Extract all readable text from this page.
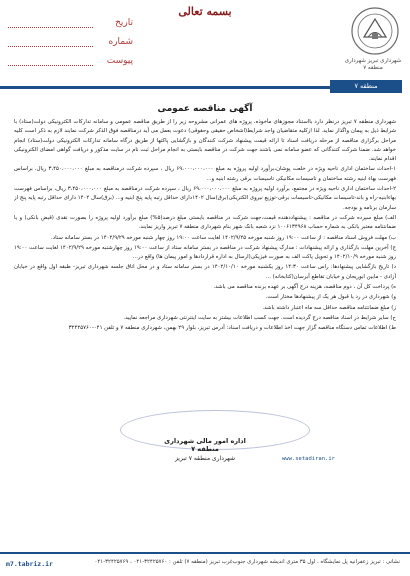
بسمه تعالی
تاریخ
شماره
پیوست	شهرداری تبریز شهرداری منطقه ۷
منطقه ۷
آگهی مناقصه عمومی

شهرداری منطقه ۷ تبریز درنظر دارد بااستناد مجوزهای مأخوذه، پروژه های عمرانی مشروحه زیر را از طریق مناقصه عمومی و سامانه تدارکات الکترونیکی دولت(ستاد) با شرایط ذیل به پیمان واگذار نماید. لذا ازکلیه متقاضیان واجد شرایط(اشخاص حقیقی وحقوقی) دعوت بعمل می آید درمناقصه فوق الذکر شرکت نمایند لازم به ذکر است کلیه مراحل برگزاری مناقصه از مرحله دریافت اسناد تا ارائه قیمت پیشنهاد شرکت کنندگان و بازگشایی پاکتها از طریق درگاه سامانه تدارکات الکترونیکی دولت(ستاد) انجام خواهد شد. ضمنا شرکت کنندگانی که عضو سامانه نمی باشند جهت شرکت در مناقصه بایستی به انجام مراحل ثبت نام در سایت مذکور و دریافت گواهی امضای الکترونیکی اقدام نمایند.

۱-احداث ساختمان اداری ناحیه ویژه در خلعت پوشان،برآورد اولیه پروژه به مبلغ ۶۹،۰۰۰،۰۰۰،۰۰۰ ریال ، سپرده شرکت درمناقصه به مبلغ ۳،۴۵۰،۰۰۰،۰۰۰ ریال، براساس فهرست بهاء ابنیه رشته ساختمان و تاسیسات مکانیکی تاسیسات برقی رشته ابنیه و...

۲-احداث ساختمان اداری ناحیه ویژه در مجتمع، برآورد اولیه پروژه به مبلغ ۶۹،۰۰۰،۰۰۰،۰۰۰ ریال ، سپرده شرکت درمناقصه به مبلغ ۳،۴۵۰،۰۰۰،۰۰۰ ریال، براساس فهرست بهاءابنیه-راه و باند-تاسیسات مکانیکی-تاسیسات برقی-توزیع نیروی الکتریکی(برق)سال ۱۴۰۲دارای حداقل رتبه پایه پنج ابنیه و... (برق)سال ۱۴۰۲ دارای حداقل رتبه پایه پنج از سازمان برنامه و بودجه.

الف) مبلغ سپرده شرکت در مناقصه : پیشنهاددهنده قیمت،جهت شرکت در مناقصه بایستی مبلغ درصد(۵%) مبلغ برآورد اولیه پروژه را بصورت نقدی (قبض بانکی) و یا ضمانتنامه معتبر بانکی به شماره حساب ۱۰۰۶۱۳۴۹۶۸ نزد شعبه بانک شهر بنام شهرداری منطقه ۷ تبریز واریز نمایند.

ب) مهلت فروش اسناد مناقصه : از ساعت ۱۹:۰۰ روز شنبه مورخه ۱۴۰۲/۹/۲۵ لغایت ساعت ۱۹:۰۰ روز چهار شنبه مورخه ۱۴۰۲/۹/۲۹ در بستر سامانه ستاد.

ج) آخرین مهلت بارگذاری و ارائه پیشنهادات : مدارک پیشنهاد شرکت در مناقصه در بستر سامانه ستاد از ساعت ۱۹:۰۰ روز چهارشنبه مورخه ۱۴۰۲/۹/۲۹ لغایت ساعت ۱۹:۰۰ روز شنبه مورخه ۱۴۰۲/۱۰/۹ و تحویل پاکت الف به صورت فیزیکی(ارسال به اداره قراردادها و امور پیمان ها) واقع در...

د) تاریخ بازگشایی پیشنهادها: راس ساعت ۱۴:۳۰ روز یکشنبه مورخه ۱۴۰۲/۱۰/۱۰ در بستر سامانه ستاد و در محل اتاق جلسه شهرداری تبریز- طبقه اول واقع در خیابان آزادی - مابین ابوریحان و خیابان تقاطع آبرسان(کتابخانه) ...

ه) پرداخت کل آن ، دوم مناقصه، هزینه درج آگهی بر عهده برنده مناقصه می باشد.

و) شهرداری در رد یا قبول هر یک از پیشنهادها مختار است.

ز) مبلغ ضمانتنامه مناقصه حداقل سه ماه اعتبار داشته باشد.

ح) سایر شرایط در اسناد مناقصه درج گردیده است. جهت کسب اطلاعات بیشتر به سایت اینترنتی شهرداری مراجعه نمایید.

ط) اطلاعات تماس دستگاه مناقصه گزار جهت اخذ اطلاعات و دریافت اسناد: آدرس تبریز، بلوار ۲۹ بهمن، شهرداری منطقه ۷ و تلفن ۰۴۱-۳۲۴۲۵۷۶۰

www.setadiran.ir
اداره امور مالی شهرداری منطقه ۷
شهرداری منطقه ۷ تبریز
نشانی : تبریز زعفرانیه پل نمایشگاه ، اول ۳۵ متری اندیشه شهرداری جنوب‌غرب تبریز (منطقه ۷) تلفن : ۳۲۴۲۵۷۶۰-۰۴۱ ، ۳۲۴۲۵۷۶۹-۰۴۱
m7.tabriz.ir
